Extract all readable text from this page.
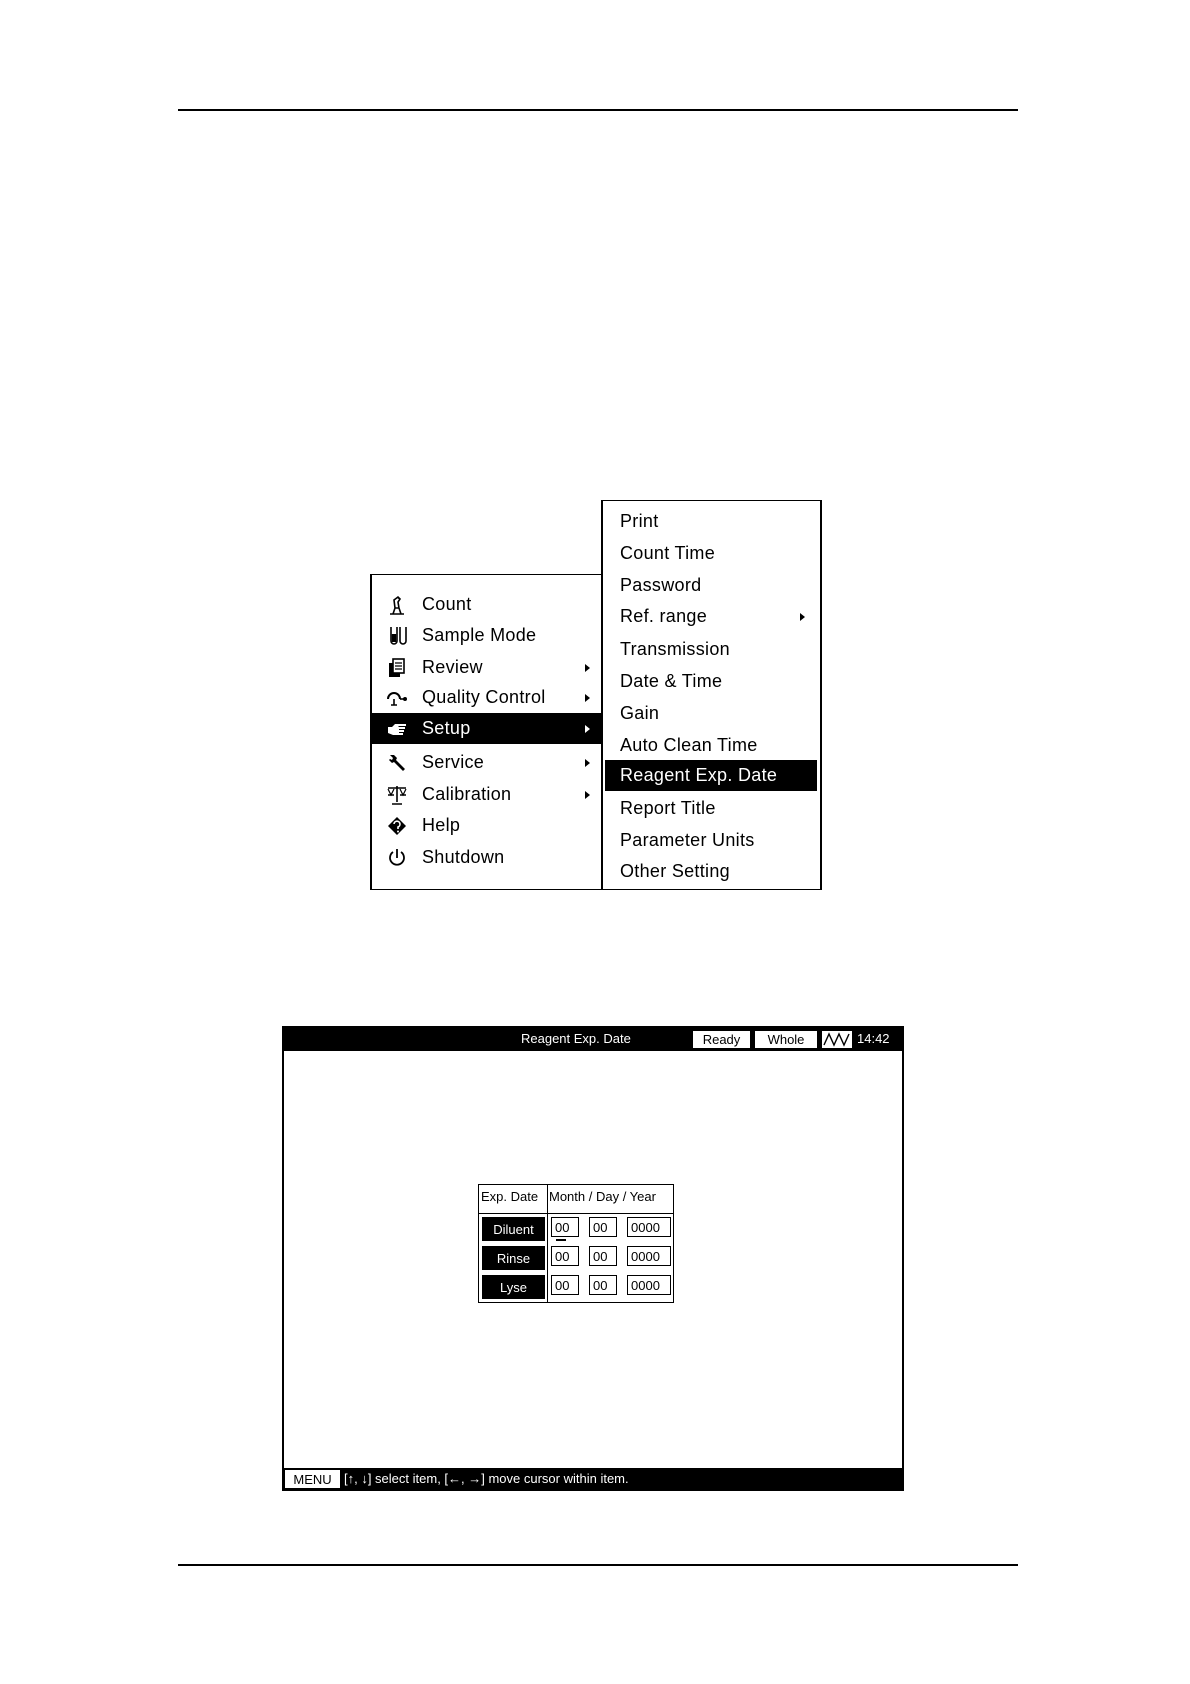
Count
Sample Mode
Review
Quality Control
Setup
Service
Calibration
Help
Shutdown
Print
Count Time
Password
Ref. range
Transmission
Date & Time
Gain
Auto Clean Time
Reagent Exp. Date
Report Title
Parameter Units
Other Setting
Reagent Exp. Date	Ready	Whole	14:42
Exp. Date Month / Day / Year
Diluent	00	00	0000
Rinse	00	00	0000
Lyse	00	00	0000
MENU [↑, ↓] select item, [←, →] move cursor within item.
